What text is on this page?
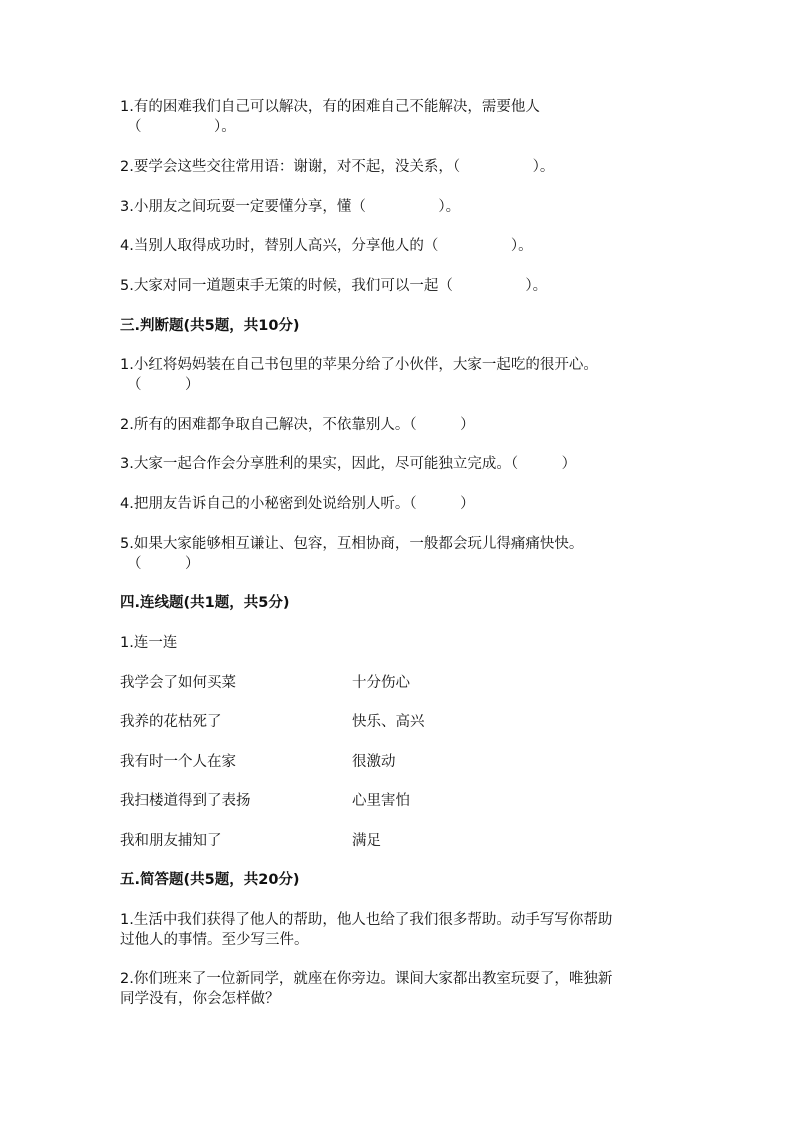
1.有的困难我们自己可以解决，有的困难自己不能解决，需要他人
（　　　　　）。
2.要学会这些交往常用语：谢谢，对不起，没关系，（　　　　　）。
3.小朋友之间玩耍一定要懂分享，懂（　　　　　）。
4.当别人取得成功时，替别人高兴，分享他人的（　　　　　）。
5.大家对同一道题束手无策的时候，我们可以一起（　　　　　）。
三.判断题(共5题，共10分)
1.小红将妈妈装在自己书包里的苹果分给了小伙伴，大家一起吃的很开心。
（　　　）
2.所有的困难都争取自己解决，不依靠别人。（　　　）
3.大家一起合作会分享胜利的果实，因此，尽可能独立完成。（　　　）
4.把朋友告诉自己的小秘密到处说给别人听。（　　　）
5.如果大家能够相互谦让、包容，互相协商，一般都会玩儿得痛痛快快。
（　　　）
四.连线题(共1题，共5分)
1.连一连
我学会了如何买菜	十分伤心
我养的花枯死了	快乐、高兴
我有时一个人在家	很激动
我扫楼道得到了表扬	心里害怕
我和朋友捕知了	满足
五.简答题(共5题，共20分)
1.生活中我们获得了他人的帮助，他人也给了我们很多帮助。动手写写你帮助
过他人的事情。至少写三件。
2.你们班来了一位新同学，就座在你旁边。课间大家都出教室玩耍了，唯独新
同学没有，你会怎样做？
